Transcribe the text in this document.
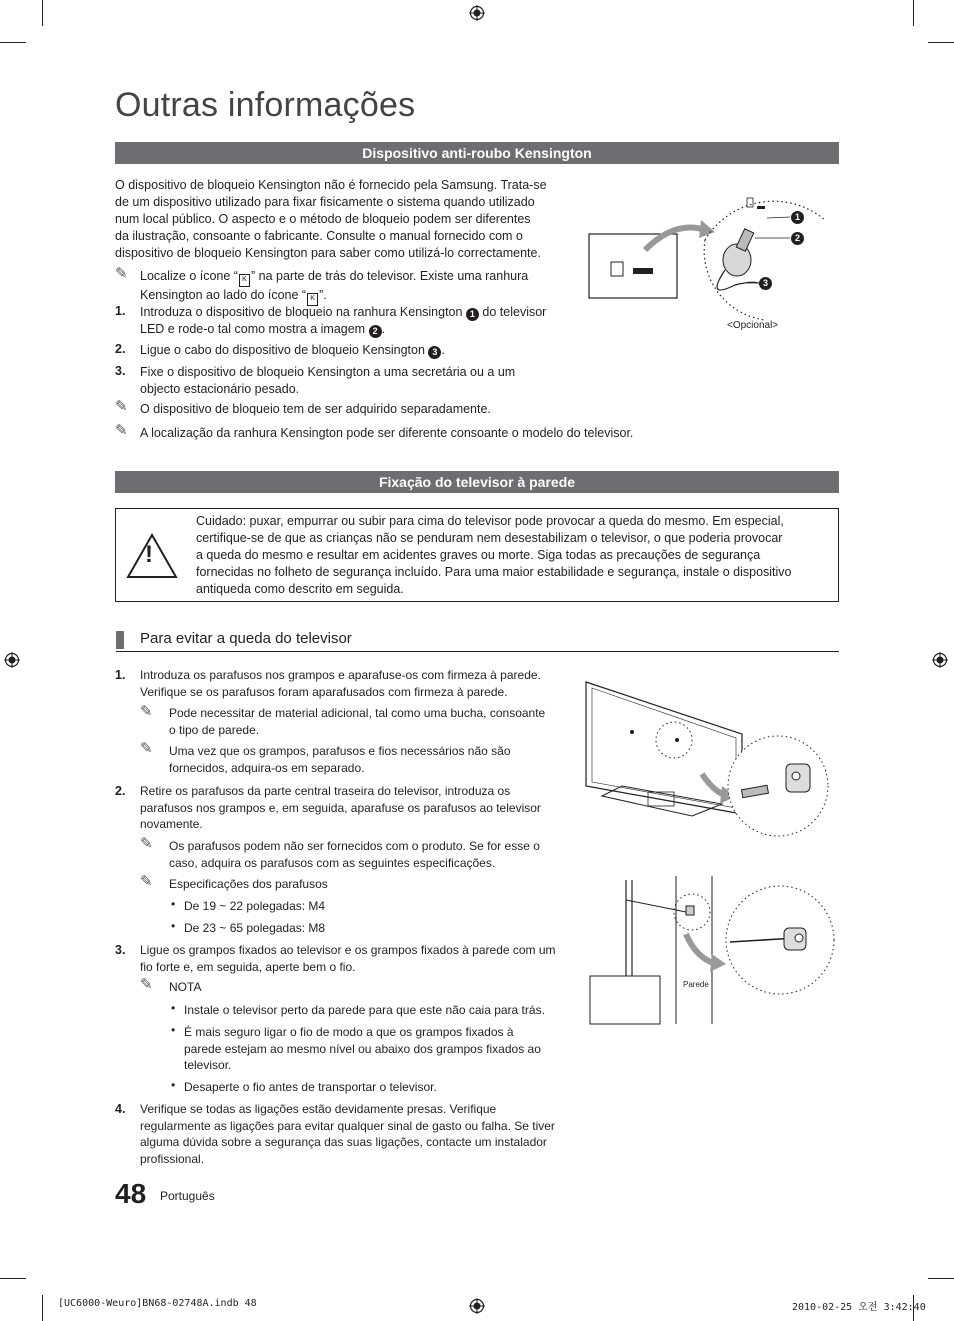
Outras informações
Dispositivo anti-roubo Kensington
O dispositivo de bloqueio Kensington não é fornecido pela Samsung. Trata-se
de um dispositivo utilizado para fixar fisicamente o sistema quando utilizado
num local público. O aspecto e o método de bloqueio podem ser diferentes
da ilustração, consoante o fabricante. Consulte o manual fornecido com o
dispositivo de bloqueio Kensington para saber como utilizá-lo correctamente.
✎ Localize o ícone “ K ” na parte de trás do televisor. Existe uma ranhura
Kensington ao lado do ícone “ K ”.
1. Introduza o dispositivo de bloqueio na ranhura Kensington 1 do televisor
LED e rode-o tal como mostra a imagem 2 .
2. Ligue o cabo do dispositivo de bloqueio Kensington 3 .
3. Fixe o dispositivo de bloqueio Kensington a uma secretária ou a um
objecto estacionário pesado.
✎ O dispositivo de bloqueio tem de ser adquirido separadamente.
✎ A localização da ranhura Kensington pode ser diferente consoante o modelo do televisor.
1
2
3
<Opcional>
Fixação do televisor à parede
!
Cuidado: puxar, empurrar ou subir para cima do televisor pode provocar a queda do mesmo. Em especial,
certifique-se de que as crianças não se penduram nem desestabilizam o televisor, o que poderia provocar
a queda do mesmo e resultar em acidentes graves ou morte. Siga todas as precauções de segurança
fornecidas no folheto de segurança incluído. Para uma maior estabilidade e segurança, instale o dispositivo
antiqueda como descrito em seguida.
Para evitar a queda do televisor
1. Introduza os parafusos nos grampos e aparafuse-os com firmeza à parede.
Verifique se os parafusos foram aparafusados com firmeza à parede.
✎ Pode necessitar de material adicional, tal como uma bucha, consoante
o tipo de parede.
✎ Uma vez que os grampos, parafusos e fios necessários não são
fornecidos, adquira-os em separado.
2. Retire os parafusos da parte central traseira do televisor, introduza os
parafusos nos grampos e, em seguida, aparafuse os parafusos ao televisor
novamente.
✎ Os parafusos podem não ser fornecidos com o produto. Se for esse o
caso, adquira os parafusos com as seguintes especificações.
✎ Especificações dos parafusos
• De 19 ~ 22 polegadas: M4
• De 23 ~ 65 polegadas: M8
3. Ligue os grampos fixados ao televisor e os grampos fixados à parede com um
fio forte e, em seguida, aperte bem o fio.
✎ NOTA
• Instale o televisor perto da parede para que este não caia para trás.
• É mais seguro ligar o fio de modo a que os grampos fixados à
parede estejam ao mesmo nível ou abaixo dos grampos fixados ao
televisor.
• Desaperte o fio antes de transportar o televisor.
4. Verifique se todas as ligações estão devidamente presas. Verifique
regularmente as ligações para evitar qualquer sinal de gasto ou falha. Se tiver
alguma dúvida sobre a segurança das suas ligações, contacte um instalador
profissional.
Parede
48 Português
[UC6000-Weuro]BN68-02748A.indb 48	2010-02-25 오전 3:42:40
